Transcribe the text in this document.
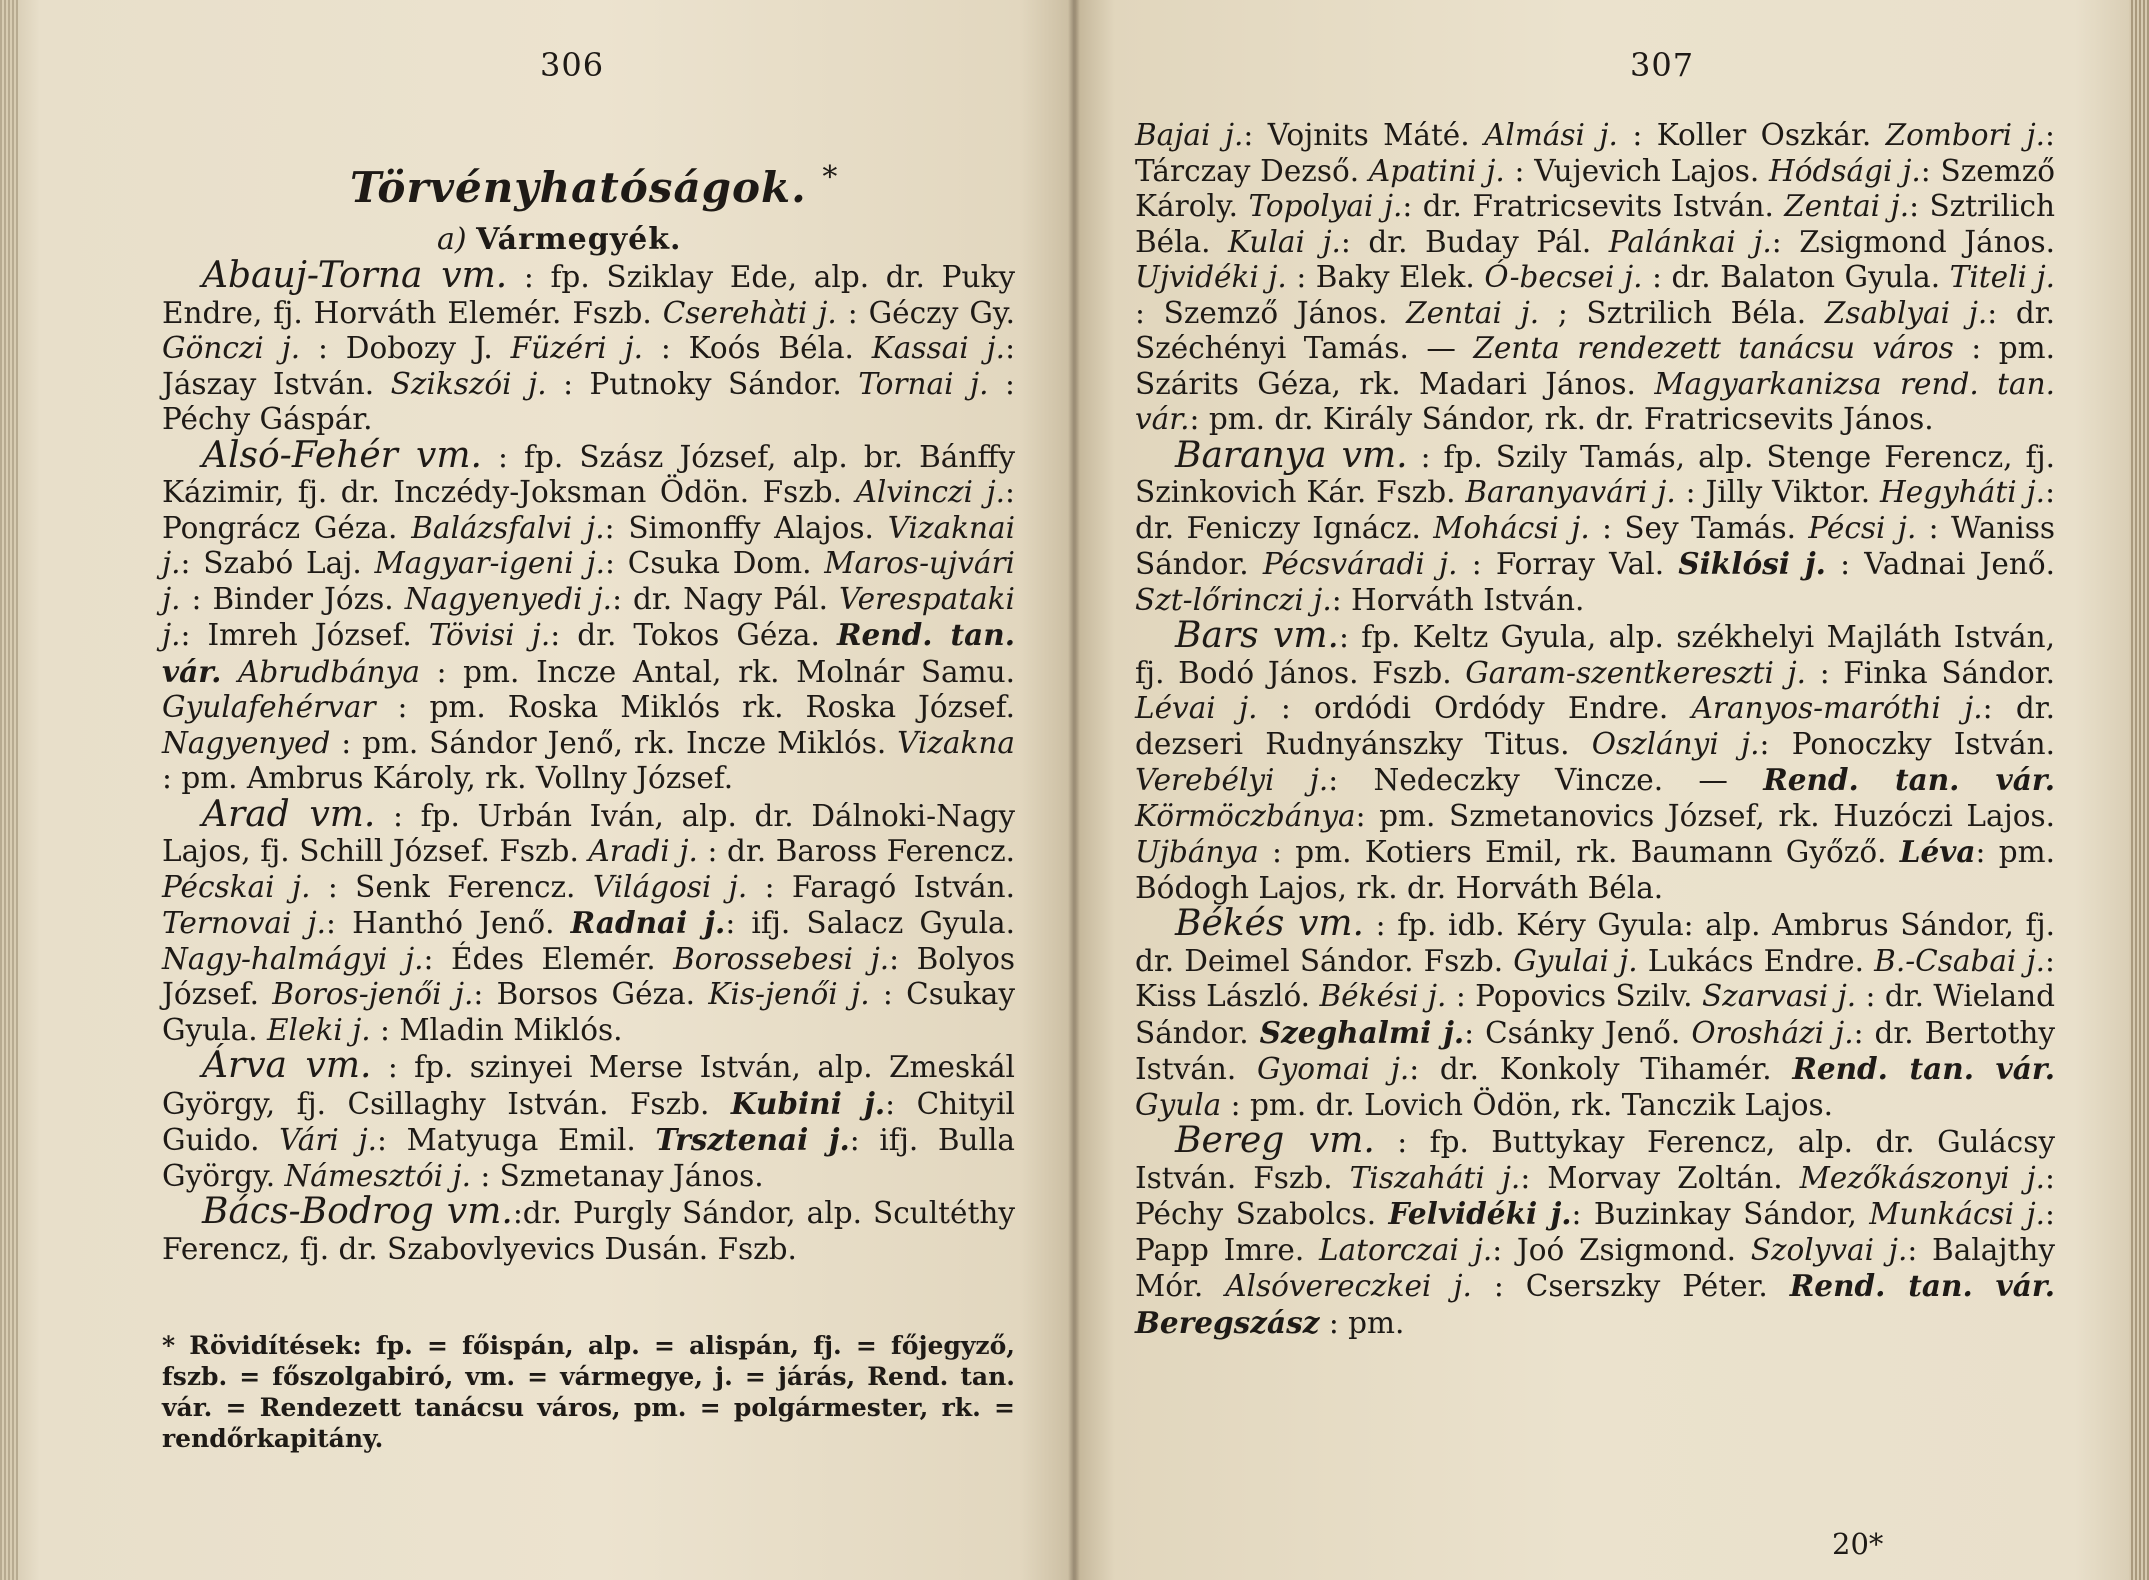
306
Törvényhatóságok. *
a) Vármegyék.

Abauj-Torna vm. : fp. Sziklay Ede, alp. dr. Puky Endre, fj. Horváth Elemér. Fszb. Cserehàti j. : Géczy Gy. Gönczi j. : Dobozy J. Füzéri j. : Koós Béla. Kassai j.: Jászay István. Szikszói j. : Putnoky Sándor. Tornai j. : Péchy Gáspár.

Alsó-Fehér vm. : fp. Szász József, alp. br. Bánffy Kázimir, fj. dr. Inczédy-Joksman Ödön. Fszb. Alvinczi j.: Pongrácz Géza. Balázsfalvi j.: Simonffy Alajos. Vizaknai j.: Szabó Laj. Magyar-igeni j.: Csuka Dom. Maros-ujvári j. : Binder Józs. Nagyenyedi j.: dr. Nagy Pál. Verespataki j.: Imreh József. Tövisi j.: dr. Tokos Géza. Rend. tan. vár. Abrudbánya : pm. Incze Antal, rk. Molnár Samu. Gyulafehérvar : pm. Roska Miklós rk. Roska József. Nagyenyed : pm. Sándor Jenő, rk. Incze Miklós. Vizakna : pm. Ambrus Károly, rk. Vollny József.

Arad vm. : fp. Urbán Iván, alp. dr. Dálnoki-Nagy Lajos, fj. Schill József. Fszb. Aradi j. : dr. Baross Ferencz. Pécskai j. : Senk Ferencz. Világosi j. : Faragó István. Ternovai j.: Hanthó Jenő. Radnai j.: ifj. Salacz Gyula. Nagy-halmágyi j.: Édes Elemér. Borossebesi j.: Bolyos József. Boros-jenői j.: Borsos Géza. Kis-jenői j. : Csukay Gyula. Eleki j. : Mladin Miklós.

Árva vm. : fp. szinyei Merse István, alp. Zmeskál György, fj. Csillaghy István. Fszb. Kubini j.: Chityil Guido. Vári j.: Matyuga Emil. Trsztenai j.: ifj. Bulla György. Námesztói j. : Szmetanay János.

Bács-Bodrog vm.:dr. Purgly Sándor, alp. Scultéthy Ferencz, fj. dr. Szabovlyevics Dusán. Fszb.

* Rövidítések: fp. = főispán, alp. = alispán, fj. = főjegyző, fszb. = főszolgabiró, vm. = vármegye, j. = járás, Rend. tan. vár. = Rendezett tanácsu város, pm. = polgármester, rk. = rendőrkapitány.
307

Bajai j.: Vojnits Máté. Almási j. : Koller Oszkár. Zombori j.: Tárczay Dezső. Apatini j. : Vujevich Lajos. Hódsági j.: Szemző Károly. Topolyai j.: dr. Fratricsevits István. Zentai j.: Sztrilich Béla. Kulai j.: dr. Buday Pál. Palánkai j.: Zsigmond János. Ujvidéki j. : Baky Elek. Ó-becsei j. : dr. Balaton Gyula. Titeli j. : Szemző János. Zentai j. ; Sztrilich Béla. Zsablyai j.: dr. Széchényi Tamás. — Zenta rendezett tanácsu város : pm. Szárits Géza, rk. Madari János. Magyarkanizsa rend. tan. vár.: pm. dr. Király Sándor, rk. dr. Fratricsevits János.

Baranya vm. : fp. Szily Tamás, alp. Stenge Ferencz, fj. Szinkovich Kár. Fszb. Baranyavári j. : Jilly Viktor. Hegyháti j.: dr. Feniczy Ignácz. Mohácsi j. : Sey Tamás. Pécsi j. : Waniss Sándor. Pécsváradi j. : Forray Val. Siklósi j. : Vadnai Jenő. Szt-lőrinczi j.: Horváth István.

Bars vm.: fp. Keltz Gyula, alp. székhelyi Majláth István, fj. Bodó János. Fszb. Garam-szentkereszti j. : Finka Sándor. Lévai j. : ordódi Ordódy Endre. Aranyos-maróthi j.: dr. dezseri Rudnyánszky Titus. Oszlányi j.: Ponoczky István. Verebélyi j.: Nedeczky Vincze. — Rend. tan. vár. Körmöczbánya: pm. Szmetanovics József, rk. Huzóczi Lajos. Ujbánya : pm. Kotiers Emil, rk. Baumann Győző. Léva: pm. Bódogh Lajos, rk. dr. Horváth Béla.

Békés vm. : fp. idb. Kéry Gyula: alp. Ambrus Sándor, fj. dr. Deimel Sándor. Fszb. Gyulai j. Lukács Endre. B.-Csabai j.: Kiss László. Békési j. : Popovics Szilv. Szarvasi j. : dr. Wieland Sándor. Szeghalmi j.: Csánky Jenő. Orosházi j.: dr. Bertothy István. Gyomai j.: dr. Konkoly Tihamér. Rend. tan. vár. Gyula : pm. dr. Lovich Ödön, rk. Tanczik Lajos.

Bereg vm. : fp. Buttykay Ferencz, alp. dr. Gulácsy István. Fszb. Tiszaháti j.: Morvay Zoltán. Mezőkászonyi j.: Péchy Szabolcs. Felvidéki j.: Buzinkay Sándor, Munkácsi j.: Papp Imre. Latorczai j.: Joó Zsigmond. Szolyvai j.: Balajthy Mór. Alsóvereczkei j. : Cserszky Péter. Rend. tan. vár. Beregszász : pm.

20*
